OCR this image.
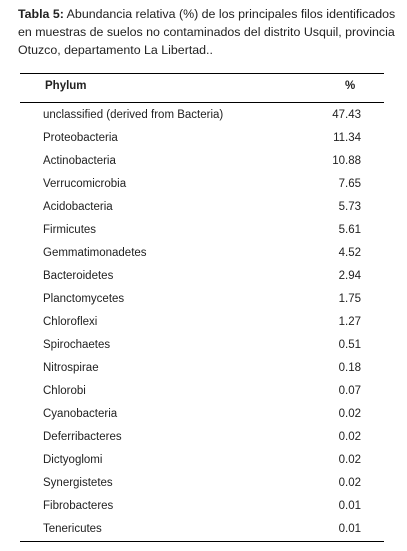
Tabla 5: Abundancia relativa (%) de los principales filos identificados en muestras de suelos no contaminados del distrito Usquil, provincia Otuzco, departamento La Libertad..
Phylum	%
unclassified (derived from Bacteria)	47.43
Proteobacteria	11.34
Actinobacteria	10.88
Verrucomicrobia	7.65
Acidobacteria	5.73
Firmicutes	5.61
Gemmatimonadetes	4.52
Bacteroidetes	2.94
Planctomycetes	1.75
Chloroflexi	1.27
Spirochaetes	0.51
Nitrospirae	0.18
Chlorobi	0.07
Cyanobacteria	0.02
Deferribacteres	0.02
Dictyoglomi	0.02
Synergistetes	0.02
Fibrobacteres	0.01
Tenericutes	0.01
